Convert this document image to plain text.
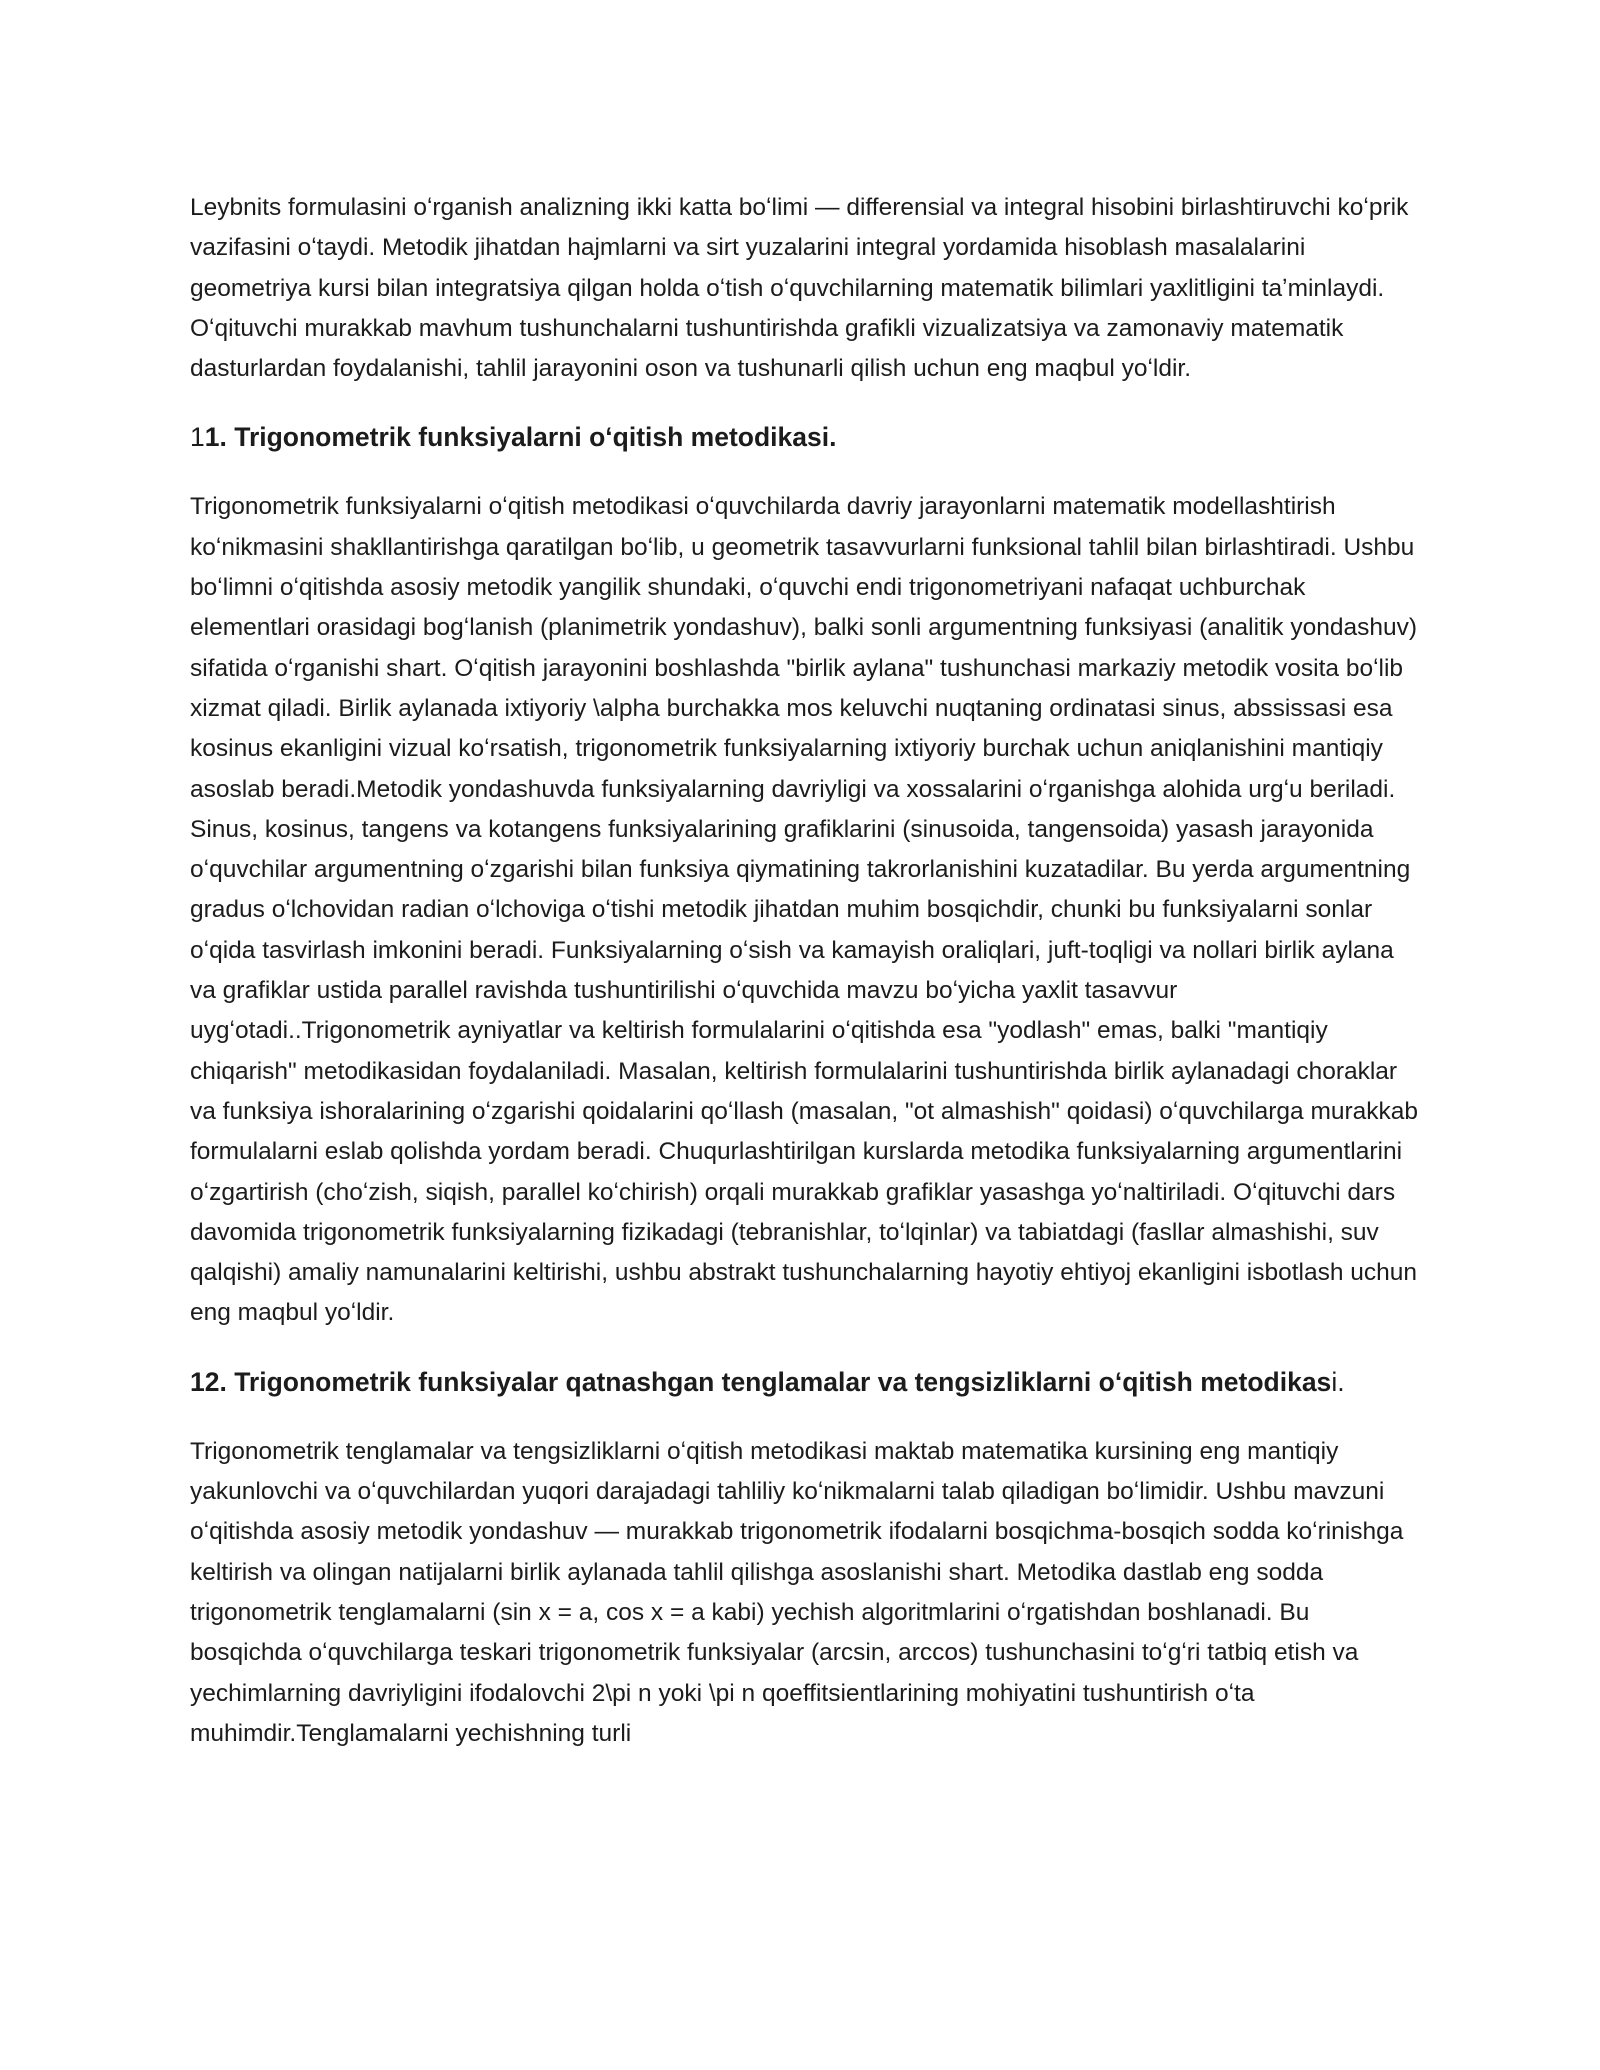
Leybnits formulasini oʻrganish analizning ikki katta boʻlimi — differensial va integral hisobini birlashtiruvchi koʻprik vazifasini oʻtaydi. Metodik jihatdan hajmlarni va sirt yuzalarini integral yordamida hisoblash masalalarini geometriya kursi bilan integratsiya qilgan holda oʻtish oʻquvchilarning matematik bilimlari yaxlitligini taʼminlaydi. Oʻqituvchi murakkab mavhum tushunchalarni tushuntirishda grafikli vizualizatsiya va zamonaviy matematik dasturlardan foydalanishi, tahlil jarayonini oson va tushunarli qilish uchun eng maqbul yoʻldir.

11. Trigonometrik funksiyalarni oʻqitish metodikasi.

Trigonometrik funksiyalarni oʻqitish metodikasi oʻquvchilarda davriy jarayonlarni matematik modellashtirish koʻnikmasini shakllantirishga qaratilgan boʻlib, u geometrik tasavvurlarni funksional tahlil bilan birlashtiradi. Ushbu boʻlimni oʻqitishda asosiy metodik yangilik shundaki, oʻquvchi endi trigonometriyani nafaqat uchburchak elementlari orasidagi bogʻlanish (planimetrik yondashuv), balki sonli argumentning funksiyasi (analitik yondashuv) sifatida oʻrganishi shart. Oʻqitish jarayonini boshlashda "birlik aylana" tushunchasi markaziy metodik vosita boʻlib xizmat qiladi. Birlik aylanada ixtiyoriy \alpha burchakka mos keluvchi nuqtaning ordinatasi sinus, abssissasi esa kosinus ekanligini vizual koʻrsatish, trigonometrik funksiyalarning ixtiyoriy burchak uchun aniqlanishini mantiqiy asoslab beradi.Metodik yondashuvda funksiyalarning davriyligi va xossalarini oʻrganishga alohida urgʻu beriladi. Sinus, kosinus, tangens va kotangens funksiyalarining grafiklarini (sinusoida, tangensoida) yasash jarayonida oʻquvchilar argumentning oʻzgarishi bilan funksiya qiymatining takrorlanishini kuzatadilar. Bu yerda argumentning gradus oʻlchovidan radian oʻlchoviga oʻtishi metodik jihatdan muhim bosqichdir, chunki bu funksiyalarni sonlar oʻqida tasvirlash imkonini beradi. Funksiyalarning oʻsish va kamayish oraliqlari, juft-toqligi va nollari birlik aylana va grafiklar ustida parallel ravishda tushuntirilishi oʻquvchida mavzu boʻyicha yaxlit tasavvur uygʻotadi..Trigonometrik ayniyatlar va keltirish formulalarini oʻqitishda esa "yodlash" emas, balki "mantiqiy chiqarish" metodikasidan foydalaniladi. Masalan, keltirish formulalarini tushuntirishda birlik aylanadagi choraklar va funksiya ishoralarining oʻzgarishi qoidalarini qoʻllash (masalan, "ot almashish" qoidasi) oʻquvchilarga murakkab formulalarni eslab qolishda yordam beradi. Chuqurlashtirilgan kurslarda metodika funksiyalarning argumentlarini oʻzgartirish (choʻzish, siqish, parallel koʻchirish) orqali murakkab grafiklar yasashga yoʻnaltiriladi. Oʻqituvchi dars davomida trigonometrik funksiyalarning fizikadagi (tebranishlar, toʻlqinlar) va tabiatdagi (fasllar almashishi, suv qalqishi) amaliy namunalarini keltirishi, ushbu abstrakt tushunchalarning hayotiy ehtiyoj ekanligini isbotlash uchun eng maqbul yoʻldir.

12. Trigonometrik funksiyalar qatnashgan tenglamalar va tengsizliklarni oʻqitish metodikasi.

Trigonometrik tenglamalar va tengsizliklarni oʻqitish metodikasi maktab matematika kursining eng mantiqiy yakunlovchi va oʻquvchilardan yuqori darajadagi tahliliy koʻnikmalarni talab qiladigan boʻlimidir. Ushbu mavzuni oʻqitishda asosiy metodik yondashuv — murakkab trigonometrik ifodalarni bosqichma-bosqich sodda koʻrinishga keltirish va olingan natijalarni birlik aylanada tahlil qilishga asoslanishi shart. Metodika dastlab eng sodda trigonometrik tenglamalarni (sin x = a, cos x = a kabi) yechish algoritmlarini oʻrgatishdan boshlanadi. Bu bosqichda oʻquvchilarga teskari trigonometrik funksiyalar (arcsin, arccos) tushunchasini toʻgʻri tatbiq etish va yechimlarning davriyligini ifodalovchi 2\pi n yoki \pi n qoeffitsientlarining mohiyatini tushuntirish oʻta muhimdir.Tenglamalarni yechishning turli
